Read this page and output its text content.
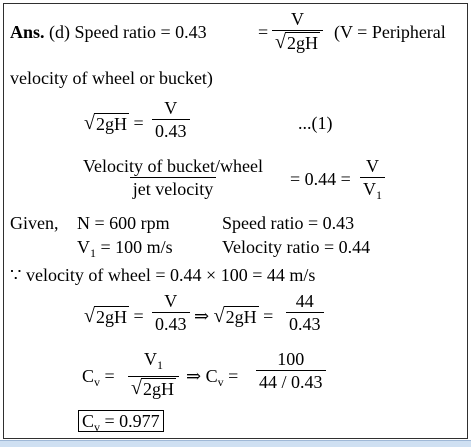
Ans. (d) Speed ratio = 0.43	= $\frac{V}{√ 2gH} (V$ = Peripheral
velocity of wheel or bucket)
√ $2gH = \frac{V}{0.43}$	...(1)
Velocity of bucket/wheel
jet velocity	= $0.44 = \frac{V}{V_1}$
Given, N = 600 rpm	Speed ratio = 0.43
$V_1 = 100$ m/s	Velocity ratio = 0.44
∵ velocity of wheel = 0.44 × 100 = 44 m/s
√ $2gH = \frac{V}{0.43}$ ⇒ √ $2gH = \frac{44}{0.43}$
$C_v = \frac{V_1}{√ 2gH}$ ⇒ $C_v = \frac{100}{44 / 0.43}$
$C_v = 0.977$
